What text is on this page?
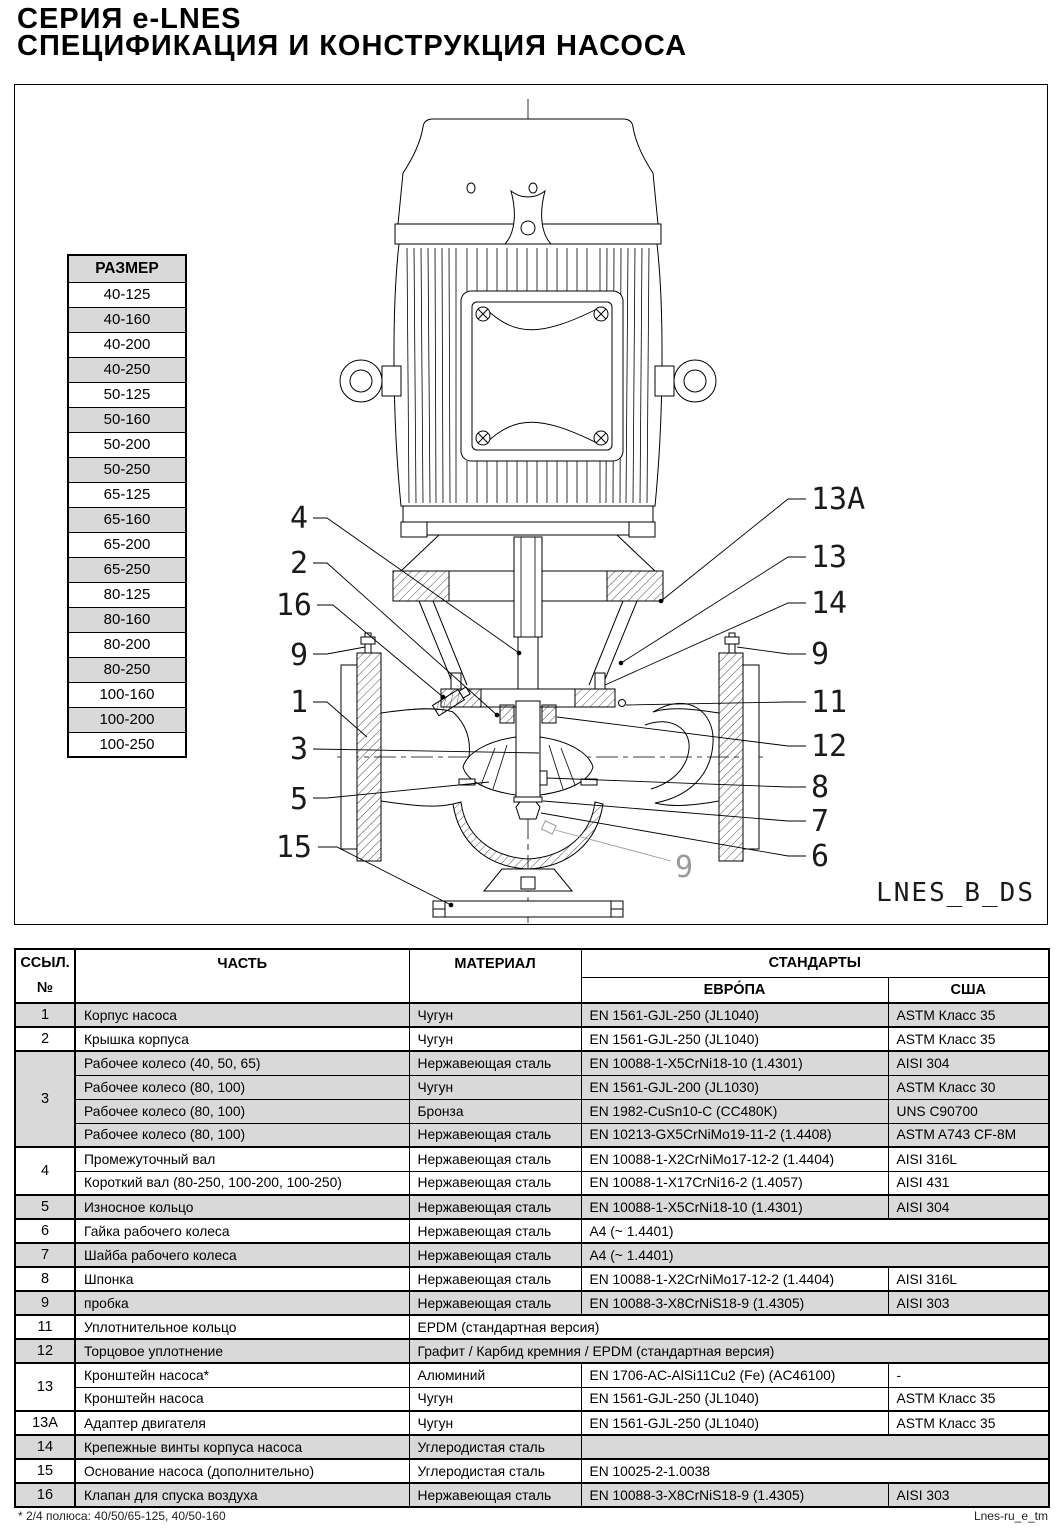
СЕРИЯ e-LNES
СПЕЦИФИКАЦИЯ И КОНСТРУКЦИЯ НАСОСА
4
2
16
9
1
3
5
15
13A
13
14
9
11
12
8
7
6
9
LNES_B_DS
РАЗМЕР
40-125
40-160
40-200
40-250
50-125
50-160
50-200
50-250
65-125
65-160
65-200
65-250
80-125
80-160
80-200
80-250
100-160
100-200
100-250
ССЫЛ.
№	ЧАСТЬ	МАТЕРИАЛ	СТАНДАРТЫ	
			ЕВРО́ПА	США
1	Корпус насоса	Чугун	EN 1561-GJL-250 (JL1040)	ASTM Класс 35
2	Крышка корпуса	Чугун	EN 1561-GJL-250 (JL1040)	ASTM Класс 35
3	Рабочее колесо (40, 50, 65)	Нержавеющая сталь	EN 10088-1-X5CrNi18-10 (1.4301)	AISI 304
	Рабочее колесо (80, 100)	Чугун	EN 1561-GJL-200 (JL1030)	ASTM Класс 30
	Рабочее колесо (80, 100)	Бронза	EN 1982-CuSn10-C (CC480K)	UNS C90700
	Рабочее колесо (80, 100)	Нержавеющая сталь	EN 10213-GX5CrNiMo19-11-2 (1.4408)	ASTM A743 CF-8M
4	Промежуточный вал	Нержавеющая сталь	EN 10088-1-X2CrNiMo17-12-2 (1.4404)	AISI 316L
	Короткий вал (80-250, 100-200, 100-250)	Нержавеющая сталь	EN 10088-1-X17CrNi16-2 (1.4057)	AISI 431
5	Износное кольцо	Нержавеющая сталь	EN 10088-1-X5CrNi18-10 (1.4301)	AISI 304
6	Гайка рабочего колеса	Нержавеющая сталь	A4 (~ 1.4401)	
7	Шайба рабочего колеса	Нержавеющая сталь	A4 (~ 1.4401)	
8	Шпонка	Нержавеющая сталь	EN 10088-1-X2CrNiMo17-12-2 (1.4404)	AISI 316L
9	пробка	Нержавеющая сталь	EN 10088-3-X8CrNiS18-9 (1.4305)	AISI 303
11	Уплотнительное кольцо	EPDM (стандартная версия)		
12	Торцовое уплотнение	Графит / Карбид кремния / EPDM (стандартная версия)		
13	Кронштейн насоса*	Алюминий	EN 1706-AC-AlSi11Cu2 (Fe) (AC46100)	-
	Кронштейн насоса	Чугун	EN 1561-GJL-250 (JL1040)	ASTM Класс 35
13A	Адаптер двигателя	Чугун	EN 1561-GJL-250 (JL1040)	ASTM Класс 35
14	Крепежные винты корпуса насоса	Углеродистая сталь		
15	Основание насоса (дополнительно)	Углеродистая сталь	EN 10025-2-1.0038	
16	Клапан для спуска воздуха	Нержавеющая сталь	EN 10088-3-X8CrNiS18-9 (1.4305)	AISI 303
* 2/4 полюса: 40/50/65-125, 40/50-160	Lnes-ru_e_tm
